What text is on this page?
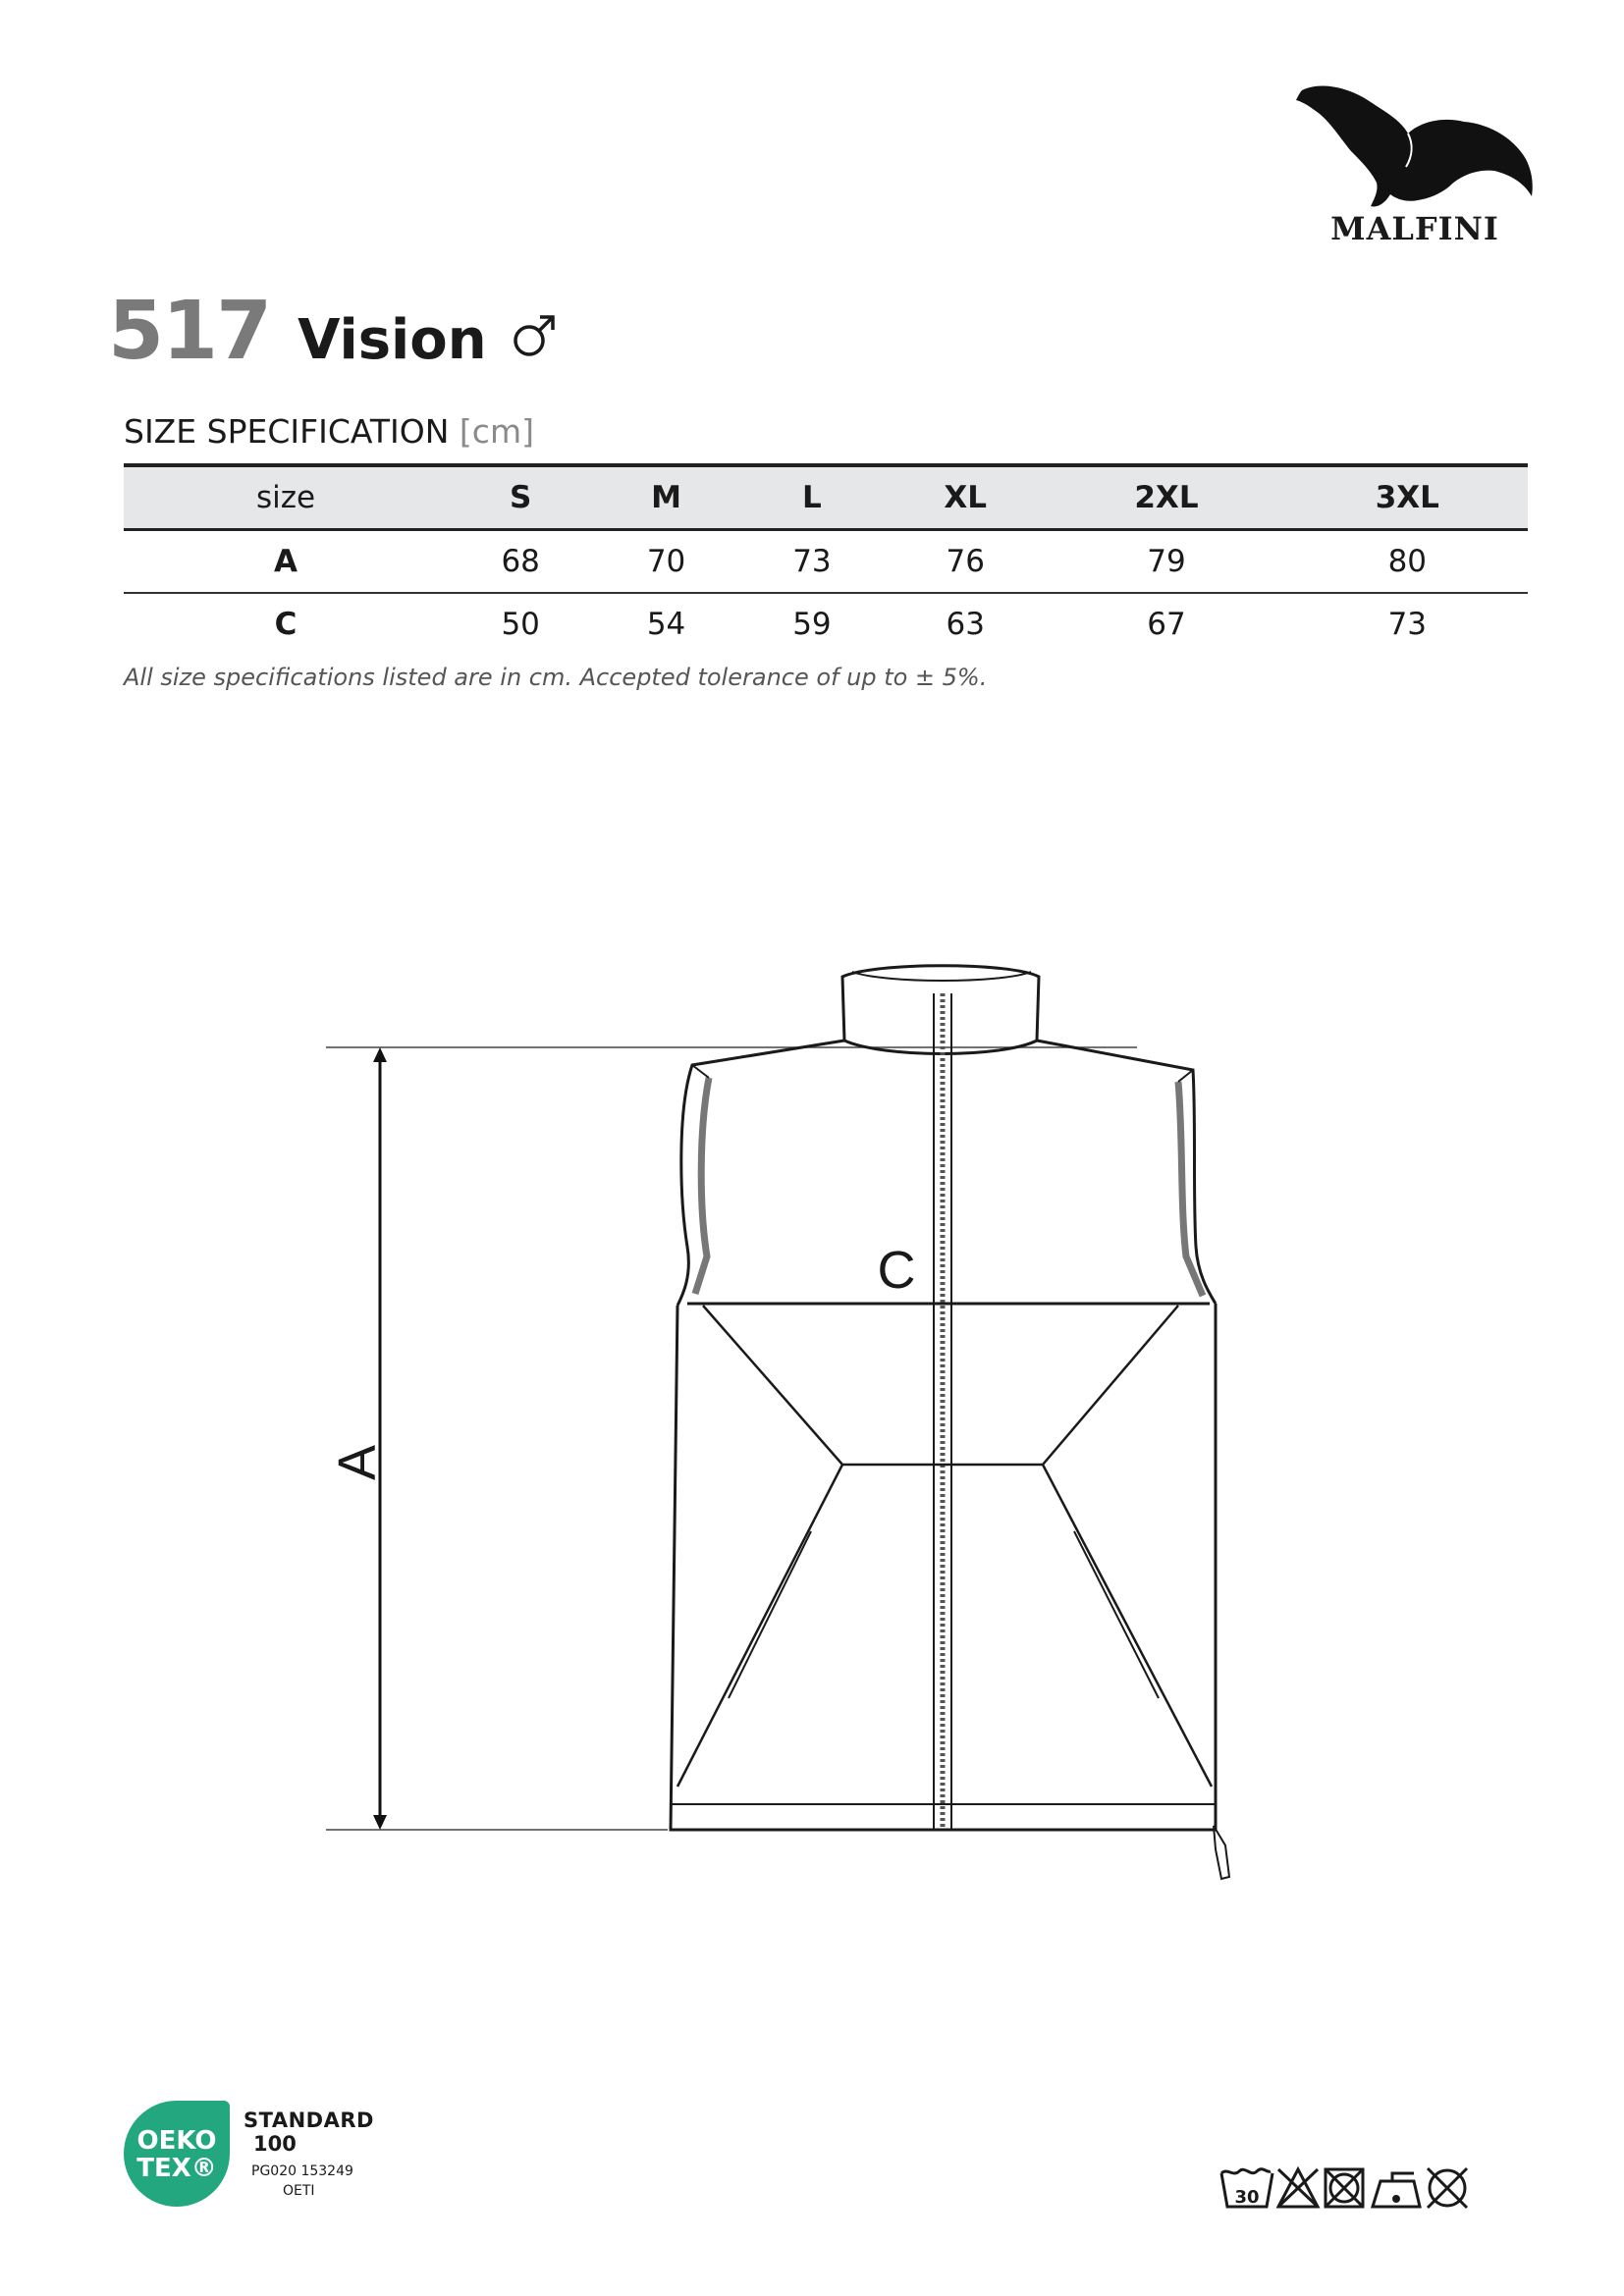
MALFINI
517 Vision
SIZE SPECIFICATION [cm]
size	S	M	L	XL	2XL	3XL
A	68	70	73	76	79	80
C	50	54	59	63	67	73
All size specifications listed are in cm. Accepted tolerance of up to ± 5%.
A
C
OEKO
TEX®
STANDARD
100
PG020 153249
OETI	30
